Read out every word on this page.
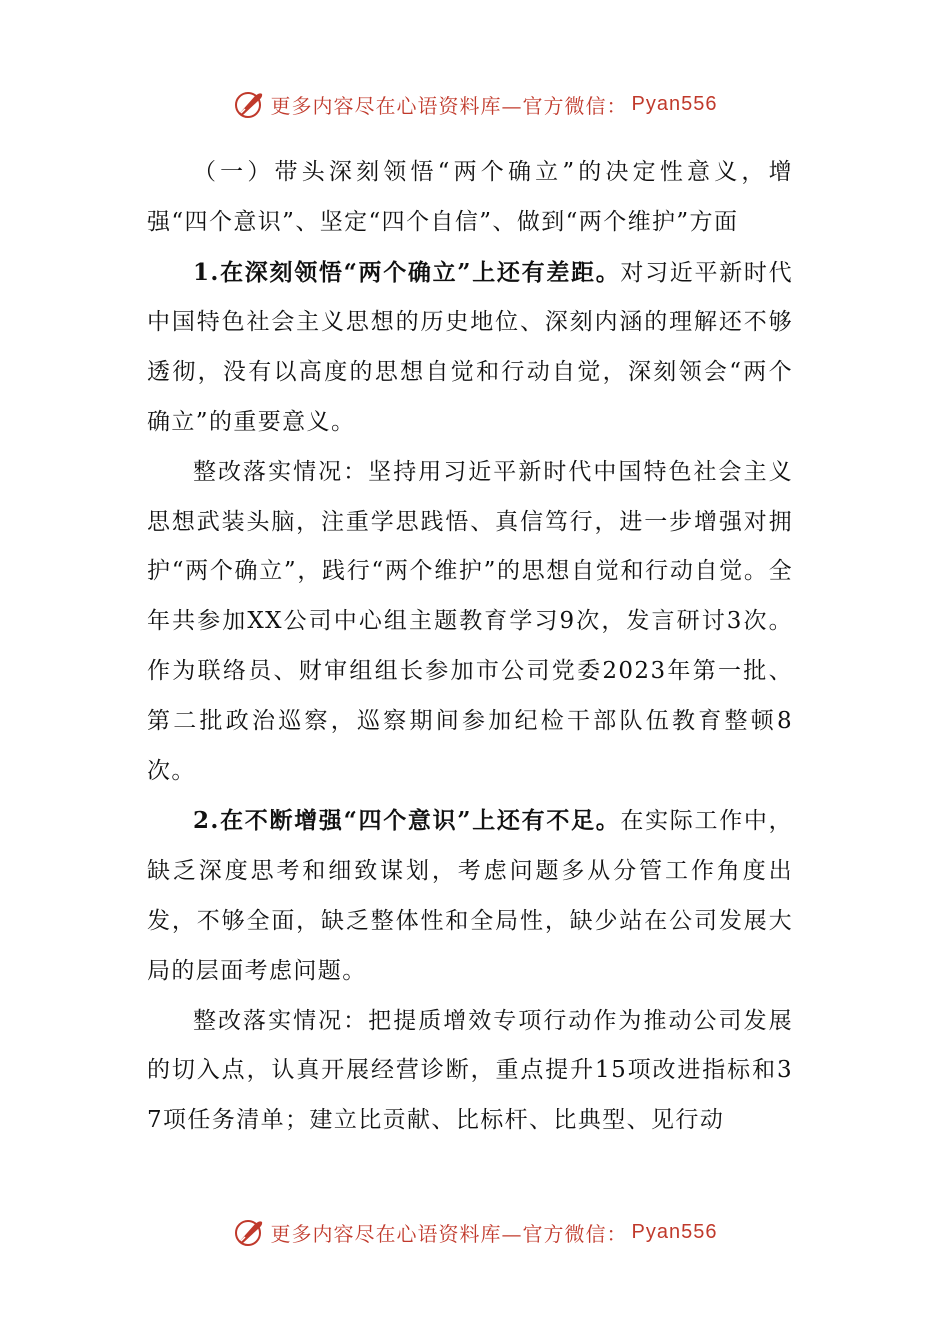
更多内容尽在心语资料库 —官方微信： Pyan556

（一）带头深刻领悟“两个确立”的决定性意义，增强“四个意识”、坚定“四个自信”、做到“两个维护”方面

1.在深刻领悟“两个确立”上还有差距。对习近平新时代中国特色社会主义思想的历史地位、深刻内涵的理解还不够透彻，没有以高度的思想自觉和行动自觉，深刻领会“两个确立”的重要意义。

整改落实情况：坚持用习近平新时代中国特色社会主义思想武装头脑，注重学思践悟、真信笃行，进一步增强对拥护“两个确立”，践行“两个维护”的思想自觉和行动自觉。全年共参加XX公司中心组主题教育学习9次，发言研讨3次。作为联络员、财审组组长参加市公司党委2023年第一批、第二批政治巡察，巡察期间参加纪检干部队伍教育整顿8次。

2.在不断增强“四个意识”上还有不足。在实际工作中，缺乏深度思考和细致谋划，考虑问题多从分管工作角度出发，不够全面，缺乏整体性和全局性，缺少站在公司发展大局的层面考虑问题。

整改落实情况：把提质增效专项行动作为推动公司发展的切入点，认真开展经营诊断，重点提升15项改进指标和37项任务清单；建立比贡献、比标杆、比典型、见行动

更多内容尽在心语资料库 —官方微信： Pyan556
